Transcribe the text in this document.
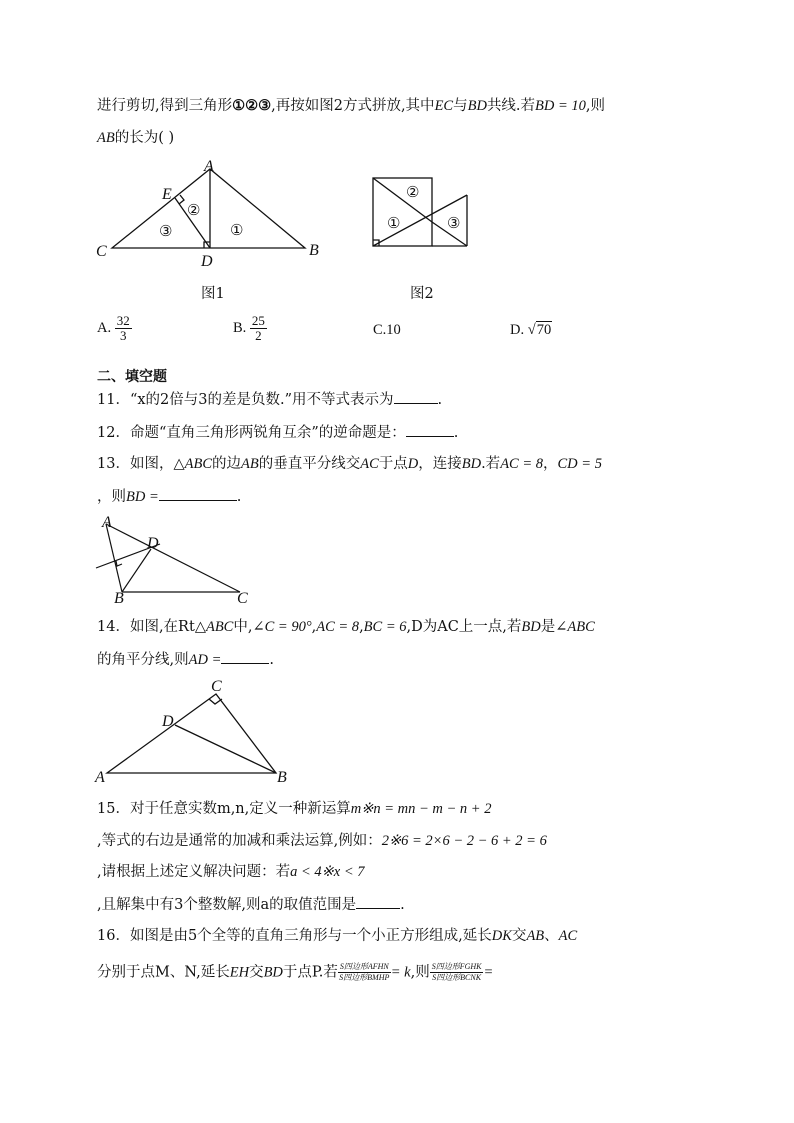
进行剪切,得到三角形①②③,再按如图2方式拼放,其中EC与BD共线.若BD = 10,则
AB的长为( )
A
B
C
D
E
①
②
③
图1
②
①	③
图2
A. $\frac{32}{3}$	B. $\frac{25}{2}$	C.10	D. √70
二、填空题
11．“x的2倍与3的差是负数.”用不等式表示为	.
12．命题“直角三角形两锐角互余”的逆命题是：	.
13．如图，△ABC的边AB的垂直平分线交AC于点D，连接BD.若AC = 8，CD = 5
，则BD =	.
A
B	C
D
14．如图,在Rt△ABC中,∠C = 90°,AC = 8,BC = 6,D为AC上一点,若BD是∠ABC
的角平分线,则AD =	.
A	B
C
D
15．对于任意实数m,n,定义一种新运算m※n = mn − m − n + 2
,等式的右边是通常的加减和乘法运算,例如：2※6 = 2×6 − 2 − 6 + 2 = 6
,请根据上述定义解决问题：若a < 4※x < 7
,且解集中有3个整数解,则a的取值范围是	.
16．如图是由5个全等的直角三角形与一个小正方形组成,延长DK交AB、AC
分别于点M、N,延长EH交BD于点P.若 $\frac{\text{S四边形AFHN}}{\text{S四边形BMHP}} = k$,则 $\frac{\text{S四边形FGHK}}{\text{S四边形BCNK}}$ =
